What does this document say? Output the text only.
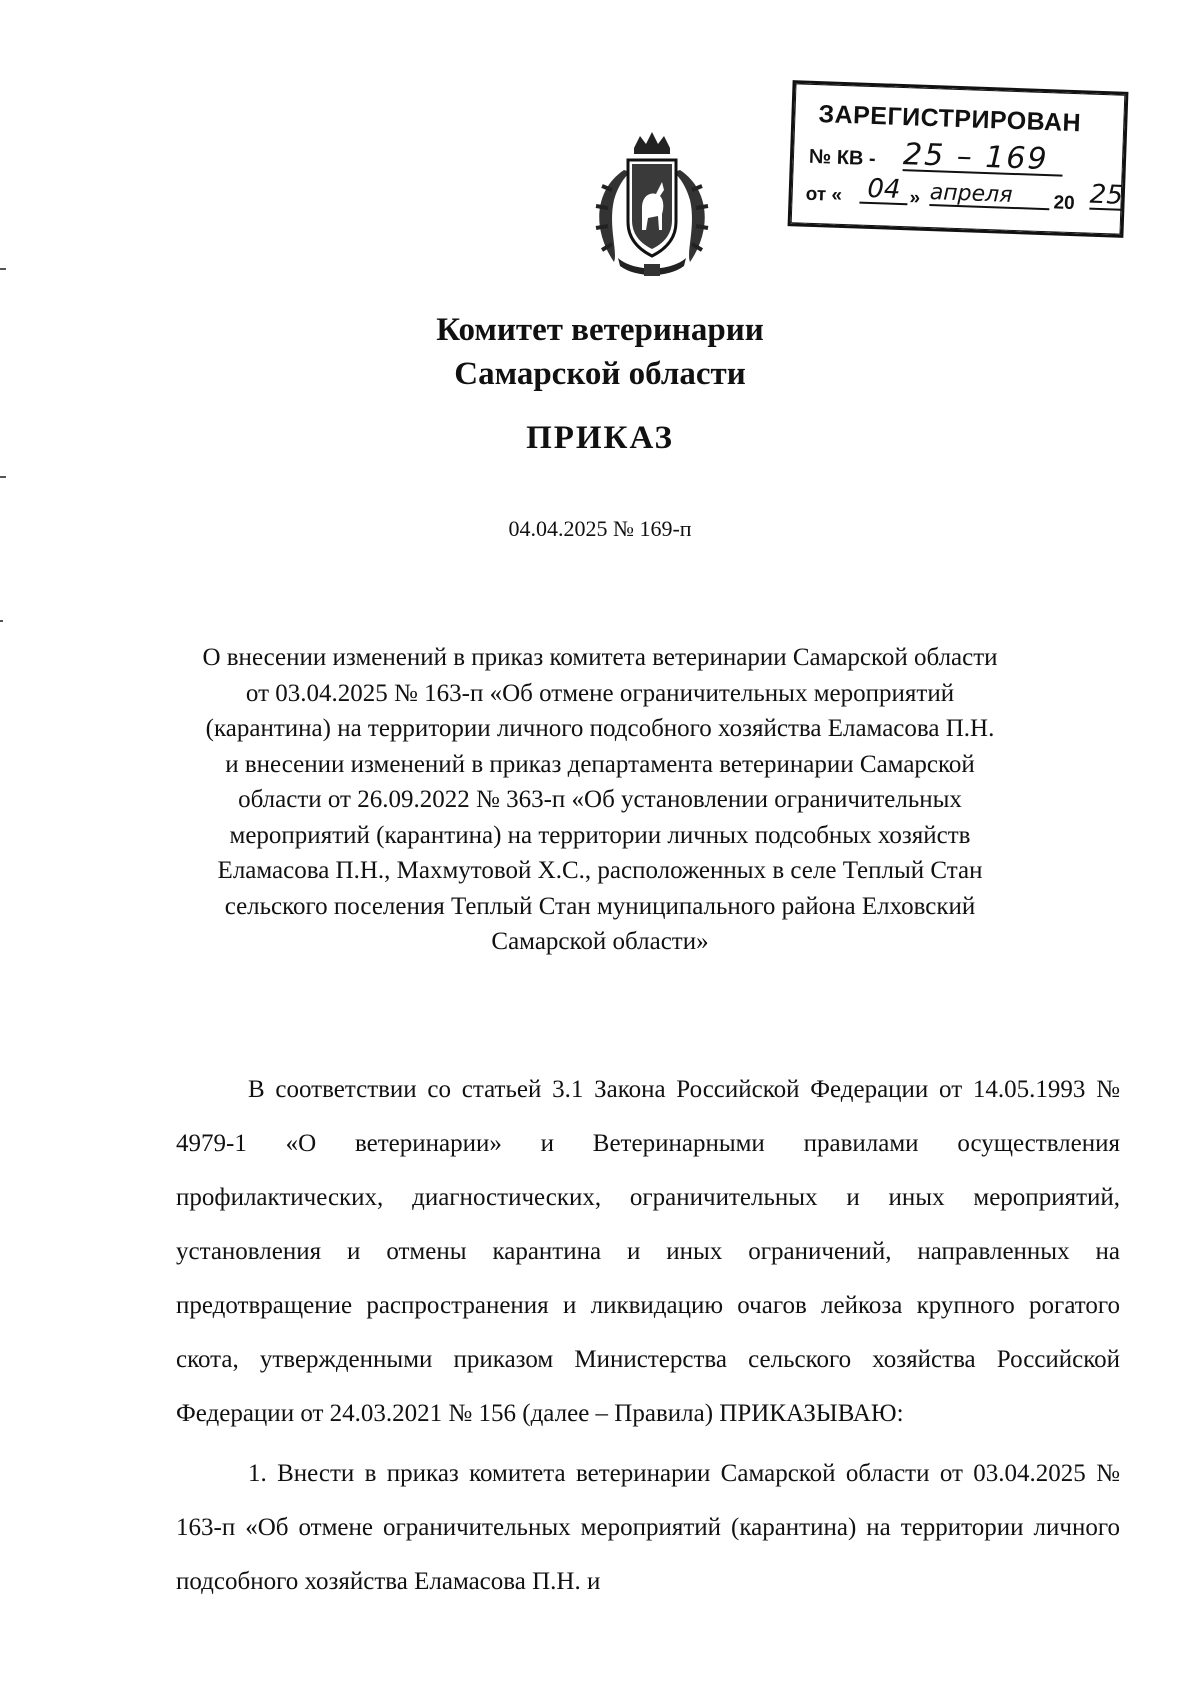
ЗАРЕГИСТРИРОВАН
№ КВ - 25 – 169
от « 04 » апреля	20 25
Комитет ветеринарии
Самарской области
ПРИКАЗ
04.04.2025 № 169-п
О внесении изменений в приказ комитета ветеринарии Самарской области
от 03.04.2025 № 163-п «Об отмене ограничительных мероприятий
(карантина) на территории личного подсобного хозяйства Еламасова П.Н.
и внесении изменений в приказ департамента ветеринарии Самарской
области от 26.09.2022 № 363-п «Об установлении ограничительных
мероприятий (карантина) на территории личных подсобных хозяйств
Еламасова П.Н., Махмутовой Х.С., расположенных в селе Теплый Стан
сельского поселения Теплый Стан муниципального района Елховский
Самарской области»

В соответствии со статьей 3.1 Закона Российской Федерации от 14.05.1993 № 4979-1 «О ветеринарии» и Ветеринарными правилами осуществления профилактических, диагностических, ограничительных и иных мероприятий, установления и отмены карантина и иных ограничений, направленных на предотвращение распространения и ликвидацию очагов лейкоза крупного рогатого скота, утвержденными приказом Министерства сельского хозяйства Российской Федерации от 24.03.2021 № 156 (далее – Правила) ПРИКАЗЫВАЮ:

1. Внести в приказ комитета ветеринарии Самарской области от 03.04.2025 № 163-п «Об отмене ограничительных мероприятий (карантина) на территории личного подсобного хозяйства Еламасова П.Н. и
